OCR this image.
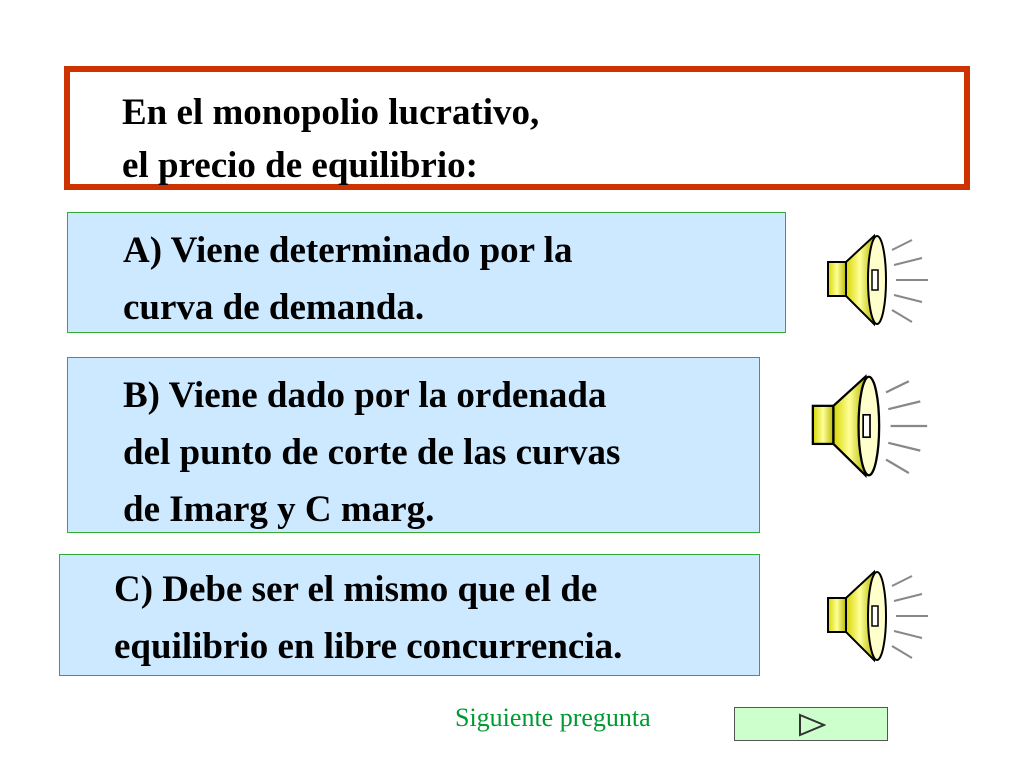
En el monopolio lucrativo,
el precio de equilibrio:
A) Viene determinado por la
curva de demanda.
B) Viene dado por la ordenada
del punto de corte de las curvas
de Imarg y C marg.
C) Debe ser el mismo que el de
equilibrio en libre concurrencia.
Siguiente pregunta
